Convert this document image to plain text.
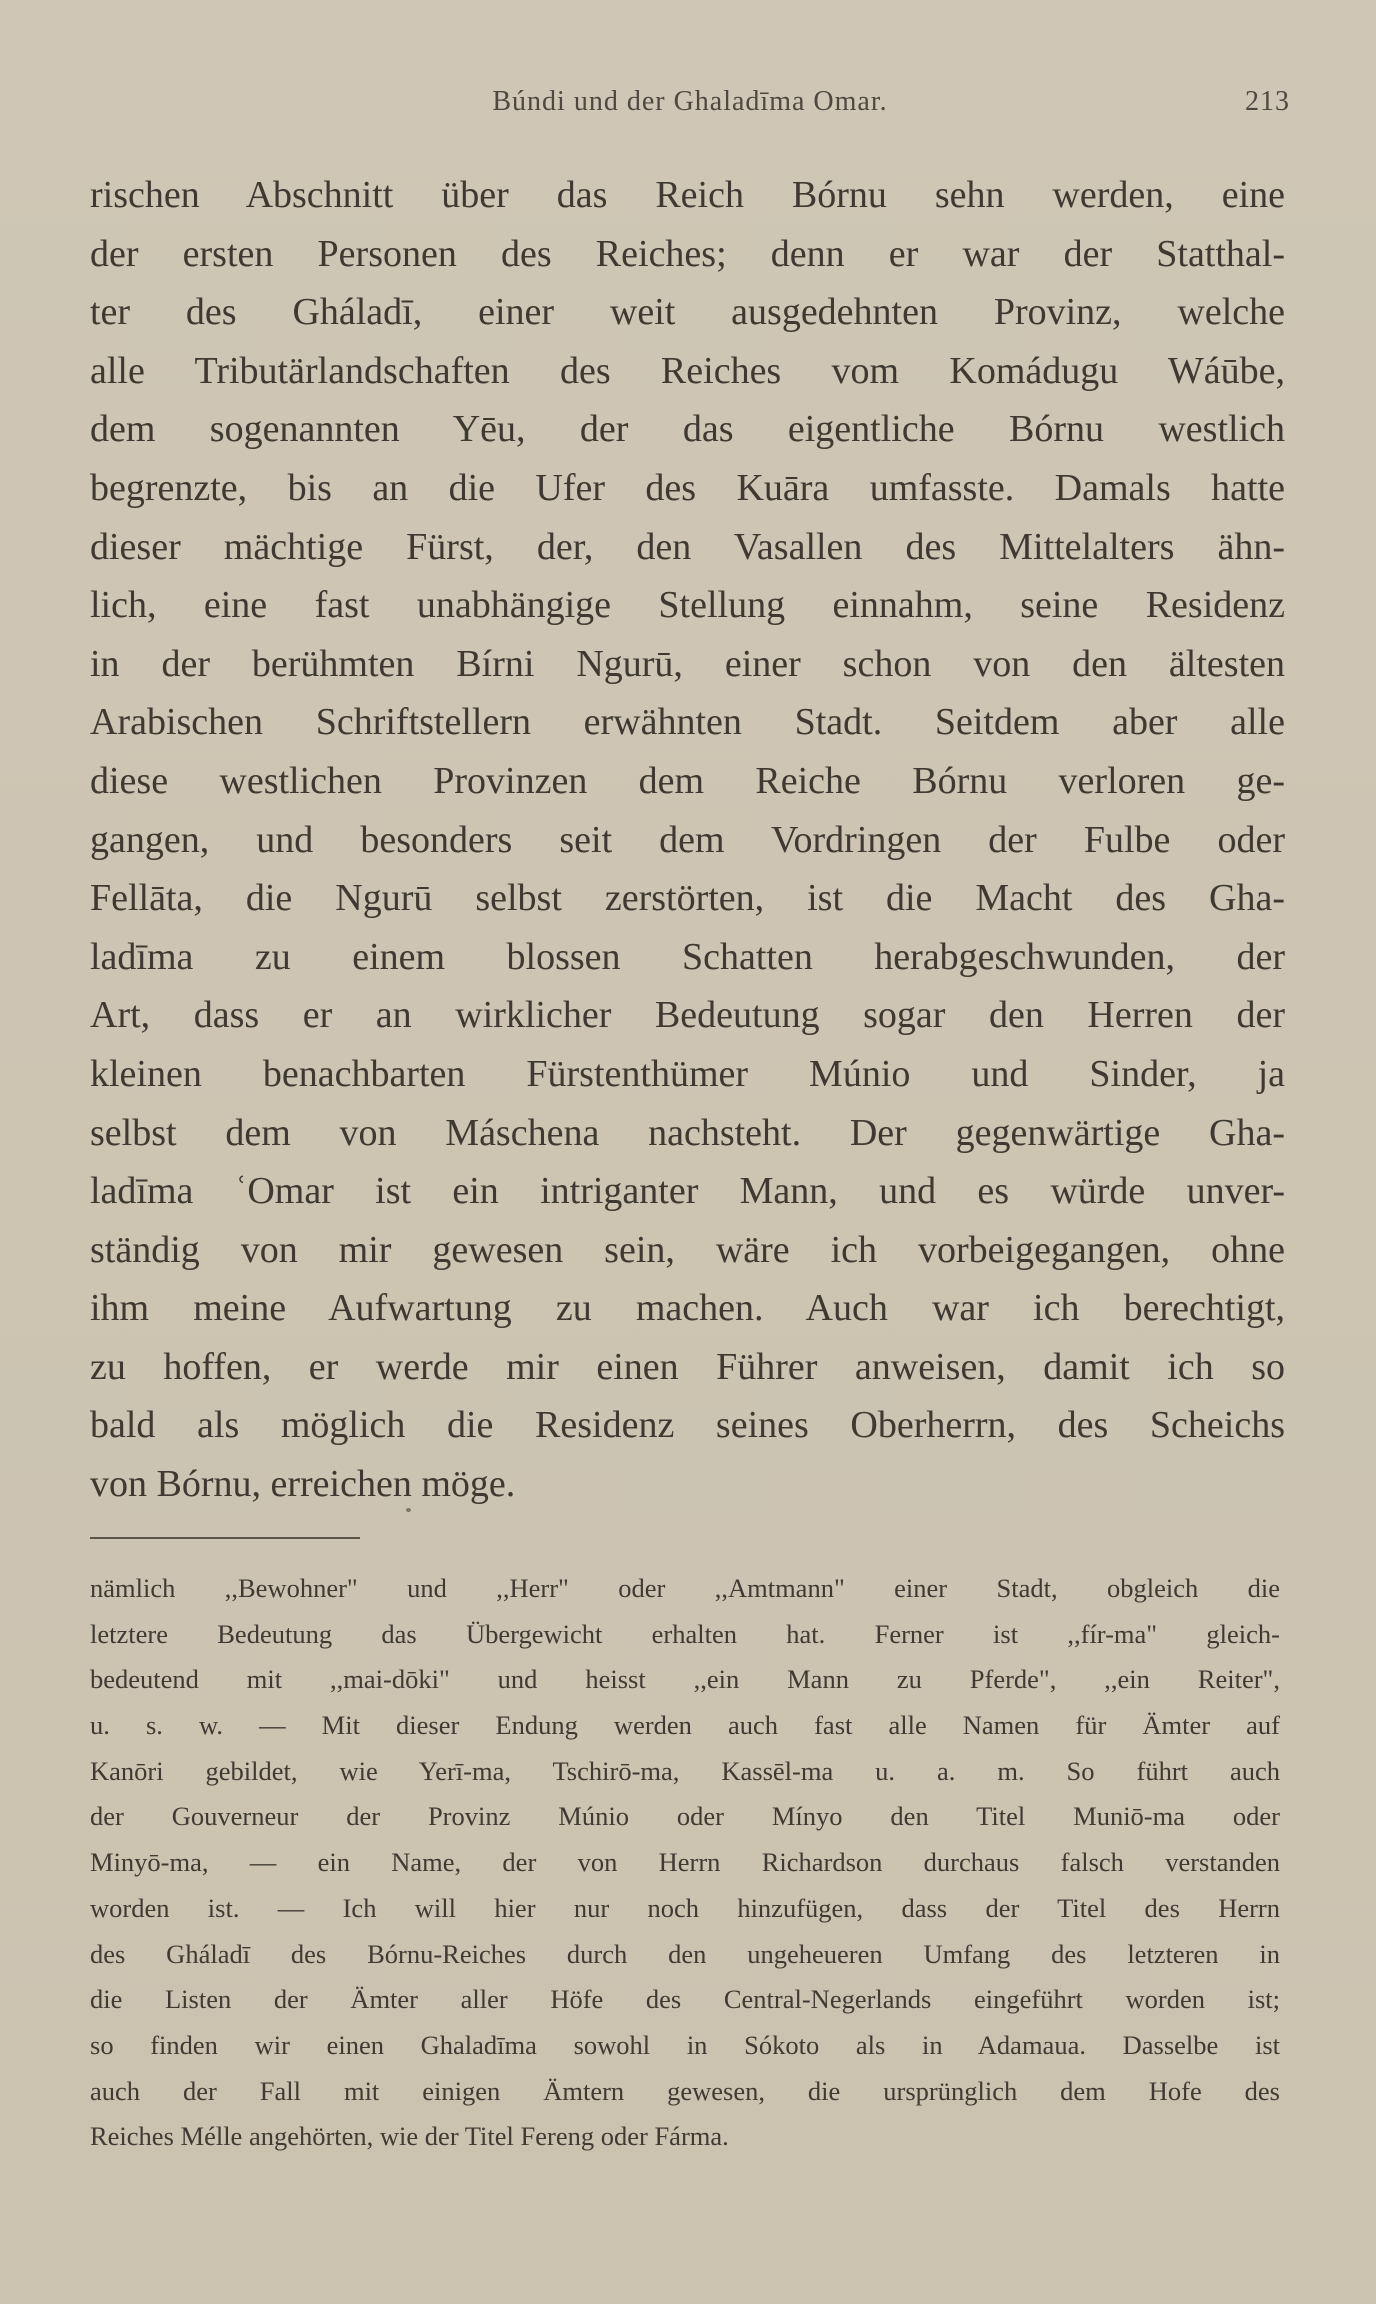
Búndi und der Ghaladīma Omar.	213
rischen Abschnitt über das Reich Bórnu sehn werden, eine
der ersten Personen des Reiches; denn er war der Statthal-
ter des Gháladī, einer weit ausgedehnten Provinz, welche
alle Tributärlandschaften des Reiches vom Komádugu Wáūbe,
dem sogenannten Yēu, der das eigentliche Bórnu westlich
begrenzte, bis an die Ufer des Kuāra umfasste. Damals hatte
dieser mächtige Fürst, der, den Vasallen des Mittelalters ähn-
lich, eine fast unabhängige Stellung einnahm, seine Residenz
in der berühmten Bírni Ngurū, einer schon von den ältesten
Arabischen Schriftstellern erwähnten Stadt. Seitdem aber alle
diese westlichen Provinzen dem Reiche Bórnu verloren ge-
gangen, und besonders seit dem Vordringen der Fulbe oder
Fellāta, die Ngurū selbst zerstörten, ist die Macht des Gha-
ladīma zu einem blossen Schatten herabgeschwunden, der
Art, dass er an wirklicher Bedeutung sogar den Herren der
kleinen benachbarten Fürstenthümer Múnio und Sinder, ja
selbst dem von Máschena nachsteht. Der gegenwärtige Gha-
ladīma ʿOmar ist ein intriganter Mann, und es würde unver-
ständig von mir gewesen sein, wäre ich vorbeigegangen, ohne
ihm meine Aufwartung zu machen. Auch war ich berechtigt,
zu hoffen, er werde mir einen Führer anweisen, damit ich so
bald als möglich die Residenz seines Oberherrn, des Scheichs
von Bórnu, erreichen möge.
nämlich ,,Bewohner" und ,,Herr" oder ,,Amtmann" einer Stadt, obgleich die
letztere Bedeutung das Übergewicht erhalten hat. Ferner ist ,,fír-ma" gleich-
bedeutend mit ,,mai-dōki" und heisst ,,ein Mann zu Pferde", ,,ein Reiter",
u. s. w. — Mit dieser Endung werden auch fast alle Namen für Ämter auf
Kanōri gebildet, wie Yerī-ma, Tschirō-ma, Kassēl-ma u. a. m. So führt auch
der Gouverneur der Provinz Múnio oder Mínyo den Titel Muniō-ma oder
Minyō-ma, — ein Name, der von Herrn Richardson durchaus falsch verstanden
worden ist. — Ich will hier nur noch hinzufügen, dass der Titel des Herrn
des Gháladī des Bórnu-Reiches durch den ungeheueren Umfang des letzteren in
die Listen der Ämter aller Höfe des Central-Negerlands eingeführt worden ist;
so finden wir einen Ghaladīma sowohl in Sókoto als in Adamaua. Dasselbe ist
auch der Fall mit einigen Ämtern gewesen, die ursprünglich dem Hofe des
Reiches Mélle angehörten, wie der Titel Fereng oder Fárma.
